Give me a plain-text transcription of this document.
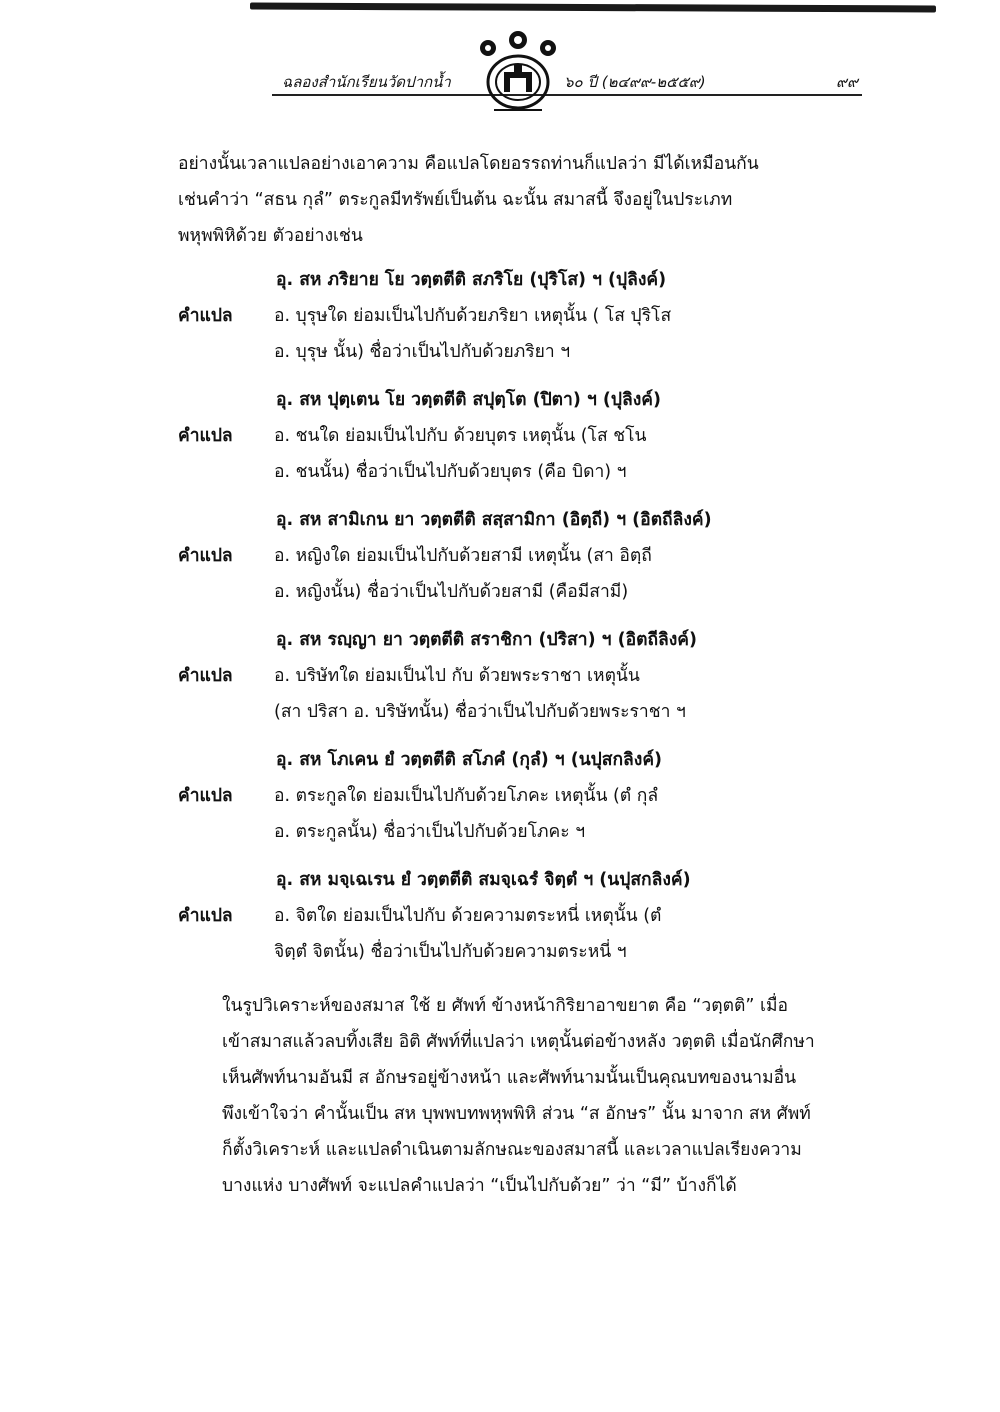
ฉลองสำนักเรียนวัดปากน้ำ	๖๐ ปี (๒๔๙๙-๒๕๕๙)	๙๙

อย่างนั้นเวลาแปลอย่างเอาความ คือแปลโดยอรรถท่านก็แปลว่า มีได้เหมือนกัน
เช่นคำว่า “สธน กุลํ” ตระกูลมีทรัพย์เป็นต้น ฉะนั้น สมาสนี้ จึงอยู่ในประเภท
พหุพพิหิด้วย ตัวอย่างเช่น

อุ. สห ภริยาย โย วตฺตตีติ สภริโย (ปุริโส) ฯ (ปุลิงค์)
คำแปล	อ. บุรุษใด ย่อมเป็นไปกับด้วยภริยา เหตุนั้น ( โส ปุริโส
อ. บุรุษ นั้น) ชื่อว่าเป็นไปกับด้วยภริยา ฯ
อุ. สห ปุตฺเตน โย วตฺตตีติ สปุตฺโต (ปิตา) ฯ (ปุลิงค์)
คำแปล	อ. ชนใด ย่อมเป็นไปกับ ด้วยบุตร เหตุนั้น (โส ชโน
อ. ชนนั้น) ชื่อว่าเป็นไปกับด้วยบุตร (คือ บิดา) ฯ
อุ. สห สามิเกน ยา วตฺตตีติ สสฺสามิกา (อิตฺถี) ฯ (อิตถีลิงค์)
คำแปล	อ. หญิงใด ย่อมเป็นไปกับด้วยสามี เหตุนั้น (สา อิตฺถี
อ. หญิงนั้น) ชื่อว่าเป็นไปกับด้วยสามี (คือมีสามี)
อุ. สห รญฺญา ยา วตฺตตีติ สราชิกา (ปริสา) ฯ (อิตถีลิงค์)
คำแปล	อ. บริษัทใด ย่อมเป็นไป กับ ด้วยพระราชา เหตุนั้น
(สา ปริสา อ. บริษัทนั้น) ชื่อว่าเป็นไปกับด้วยพระราชา ฯ
อุ. สห โภเคน ยํ วตฺตตีติ สโภคํ (กุลํ) ฯ (นปุสกลิงค์)
คำแปล	อ. ตระกูลใด ย่อมเป็นไปกับด้วยโภคะ เหตุนั้น (ตํ กุลํ
อ. ตระกูลนั้น) ชื่อว่าเป็นไปกับด้วยโภคะ ฯ
อุ. สห มจฺเฉเรน ยํ วตฺตตีติ สมจฺเฉรํ จิตฺตํ ฯ (นปุสกลิงค์)
คำแปล	อ. จิตใด ย่อมเป็นไปกับ ด้วยความตระหนี่ เหตุนั้น (ตํ
จิตฺตํ จิตนั้น) ชื่อว่าเป็นไปกับด้วยความตระหนี่ ฯ

ในรูปวิเคราะห์ของสมาส ใช้ ย ศัพท์ ข้างหน้ากิริยาอาขยาต คือ “วตฺตติ” เมื่อ
เข้าสมาสแล้วลบทิ้งเสีย อิติ ศัพท์ที่แปลว่า เหตุนั้นต่อข้างหลัง วตฺตติ เมื่อนักศึกษา
เห็นศัพท์นามอันมี ส อักษรอยู่ข้างหน้า และศัพท์นามนั้นเป็นคุณบทของนามอื่น
พึงเข้าใจว่า คำนั้นเป็น สห บุพพบทพหุพพิหิ ส่วน “ส อักษร” นั้น มาจาก สห ศัพท์
ก็ตั้งวิเคราะห์ และแปลดำเนินตามลักษณะของสมาสนี้ และเวลาแปลเรียงความ
บางแห่ง บางศัพท์ จะแปลคำแปลว่า “เป็นไปกับด้วย” ว่า “มี” บ้างก็ได้
